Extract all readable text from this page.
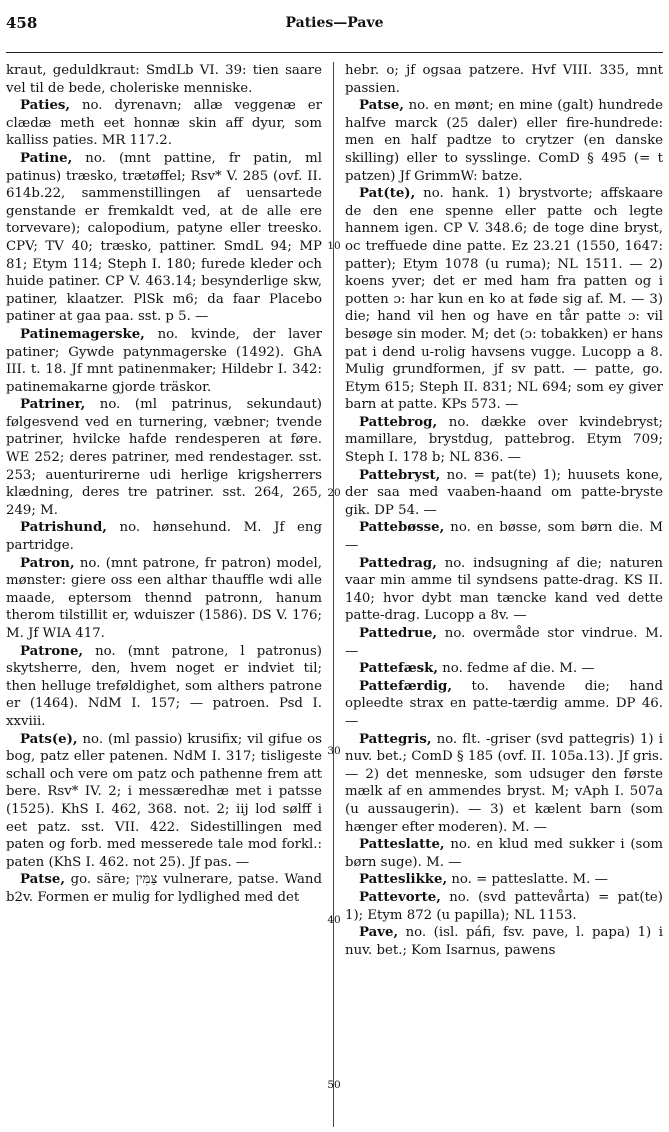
458	Paties—Pave

kraut, geduldkraut: SmdLb VI. 39: tien saare vel til de bede, choleriske menniske.

Paties, no. dyrenavn; allæ veggenæ er clædæ meth eet honnæ skin aff dyur, som kalliss paties. MR 117.2.

Patine, no. (mnt pattine, fr patin, ml patinus) træsko, trætøffel; Rsv* V. 285 (ovf. II. 614b.22, sammenstillingen af uensartede genstande er fremkaldt ved, at de alle ere torvevare); calopodium, patyne eller treesko. CPV; TV 40; træsko, pattiner. SmdL 94; MP 81; Etym 114; Steph I. 180; furede kleder och huide patiner. CP V. 463.14; besynderlige skw, patiner, klaatzer. PlSk m6; da faar Placebo patiner at gaa paa. sst. p 5. —

Patinemagerske, no. kvinde, der laver patiner; Gywde patynmagerske (1492). GhA III. t. 18. Jf mnt patinenmaker; Hildebr I. 342: patinemakarne gjorde träskor.

Patriner, no. (ml patrinus, sekundaut) følgesvend ved en turnering, væbner; tvende patriner, hvilcke hafde rendesperen at føre. WE 252; deres patriner, med rendestager. sst. 253; auenturirerne udi herlige krigsherrers klædning, deres tre patriner. sst. 264, 265, 249; M.

Patrishund, no. hønsehund. M. Jf eng partridge.

Patron, no. (mnt patrone, fr patron) model, mønster: giere oss een althar thauffle wdi alle maade, eptersom thennd patronn, hanum therom tilstillit er, wduiszer (1586). DS V. 176; M. Jf WIA 417.

Patrone, no. (mnt patrone, l patronus) skytsherre, den, hvem noget er indviet til; then helluge treføldighet, som althers patrone er (1464). NdM I. 157; — patroen. Psd I. xxviii.

Pats(e), no. (ml passio) krusifix; vil gifue os bog, patz eller patenen. NdM I. 317; tisligeste schall och vere om patz och pathenne frem att bere. Rsv* IV. 2; i messæredhæ met i patsse (1525). KhS I. 462, 368. not. 2; iij lod sølff i eet patz. sst. VII. 422. Sidestillingen med paten og forb. med messerede tale mod forkl.: paten (KhS I. 462. not 25). Jf pas. —

Patse, go. säre; צַּמִּין vulnerare, patse. Wand b2v. Formen er mulig for lydlighed med det

hebr. o; jf ogsaa patzere. Hvf VIII. 335, mnt passien.

Patse, no. en mønt; en mine (galt) hundrede halfve marck (25 daler) eller fire-hundrede: men en half padtze to crytzer (en danske skilling) eller to sysslinge. ComD § 495 (= t patzen) Jf GrimmW: batze.

Pat(te), no. hank. 1) brystvorte; affskaare de den ene spenne eller patte och legte hannem igen. CP V. 348.6; de toge dine bryst, oc treffuede dine patte. Ez 23.21 (1550, 1647: patter); Etym 1078 (u ruma); NL 1511. — 2) koens yver; det er med ham fra patten og i potten ɔ: har kun en ko at føde sig af. M. — 3) die; hand vil hen og have en tår patte ɔ: vil besøge sin moder. M; det (ɔ: tobakken) er hans pat i dend u-rolig havsens vugge. Lucopp a 8. Mulig grundformen, jf sv patt. — patte, go. Etym 615; Steph II. 831; NL 694; som ey giver barn at patte. KPs 573. —

Pattebrog, no. dække over kvindebryst; mamillare, brystdug, pattebrog. Etym 709; Steph I. 178 b; NL 836. —

Pattebryst, no. = pat(te) 1); huusets kone, der saa med vaaben-haand om patte-bryste gik. DP 54. —

Pattebøsse, no. en bøsse, som børn die. M —

Pattedrag, no. indsugning af die; naturen vaar min amme til syndsens patte-drag. KS II. 140; hvor dybt man tæncke kand ved dette patte-drag. Lucopp a 8v. —

Pattedrue, no. overmåde stor vindrue. M. —

Pattefæsk, no. fedme af die. M. —

Pattefærdig, to. havende die; hand opleedte strax en patte-tærdig amme. DP 46. —

Pattegris, no. flt. -griser (svd pattegris) 1) i nuv. bet.; ComD § 185 (ovf. II. 105a.13). Jf gris. — 2) det menneske, som udsuger den første mælk af en ammendes bryst. M; vAph I. 507a (u aussaugerin). — 3) et kælent barn (som hænger efter moderen). M. —

Patteslatte, no. en klud med sukker i (som børn suge). M. —

Patteslikke, no. = patteslatte. M. —

Pattevorte, no. (svd pattevårta) = pat(te) 1); Etym 872 (u papilla); NL 1153.

Pave, no. (isl. páfi, fsv. pave, l. papa) 1) i nuv. bet.; Kom Isarnus, pawens

10
20
30
40
50
